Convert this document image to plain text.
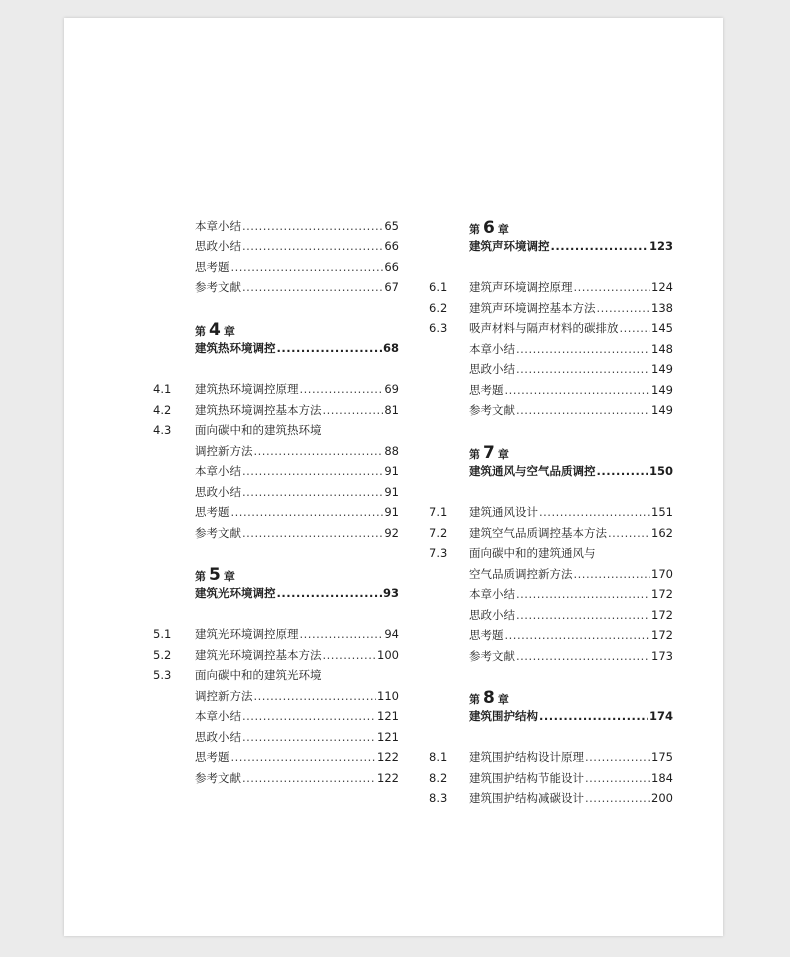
本章小结 .....	65
思政小结 .....	66
思考题 .....	66
参考文献 .....	67
第 4 章
建筑热环境调控 .....	68
4.1	建筑热环境调控原理 .....	69
4.2	建筑热环境调控基本方法 .....	81
4.3	面向碳中和的建筑热环境
调控新方法 .....	88
本章小结 .....	91
思政小结 .....	91
思考题 .....	91
参考文献 .....	92
第 5 章
建筑光环境调控 .....	93
5.1	建筑光环境调控原理 .....	94
5.2	建筑光环境调控基本方法 .....	100
5.3	面向碳中和的建筑光环境
调控新方法 .....	110
本章小结 .....	121
思政小结 .....	121
思考题 .....	122
参考文献 .....	122
第 6 章
建筑声环境调控 .....	123
6.1	建筑声环境调控原理 .....	124
6.2	建筑声环境调控基本方法 .....	138
6.3	吸声材料与隔声材料的碳排放 .....	145
本章小结 .....	148
思政小结 .....	149
思考题 .....	149
参考文献 .....	149
第 7 章
建筑通风与空气品质调控 .....	150
7.1	建筑通风设计 .....	151
7.2	建筑空气品质调控基本方法 .....	162
7.3	面向碳中和的建筑通风与
空气品质调控新方法 .....	170
本章小结 .....	172
思政小结 .....	172
思考题 .....	172
参考文献 .....	173
第 8 章
建筑围护结构 .....	174
8.1	建筑围护结构设计原理 .....	175
8.2	建筑围护结构节能设计 .....	184
8.3	建筑围护结构减碳设计 .....	200
